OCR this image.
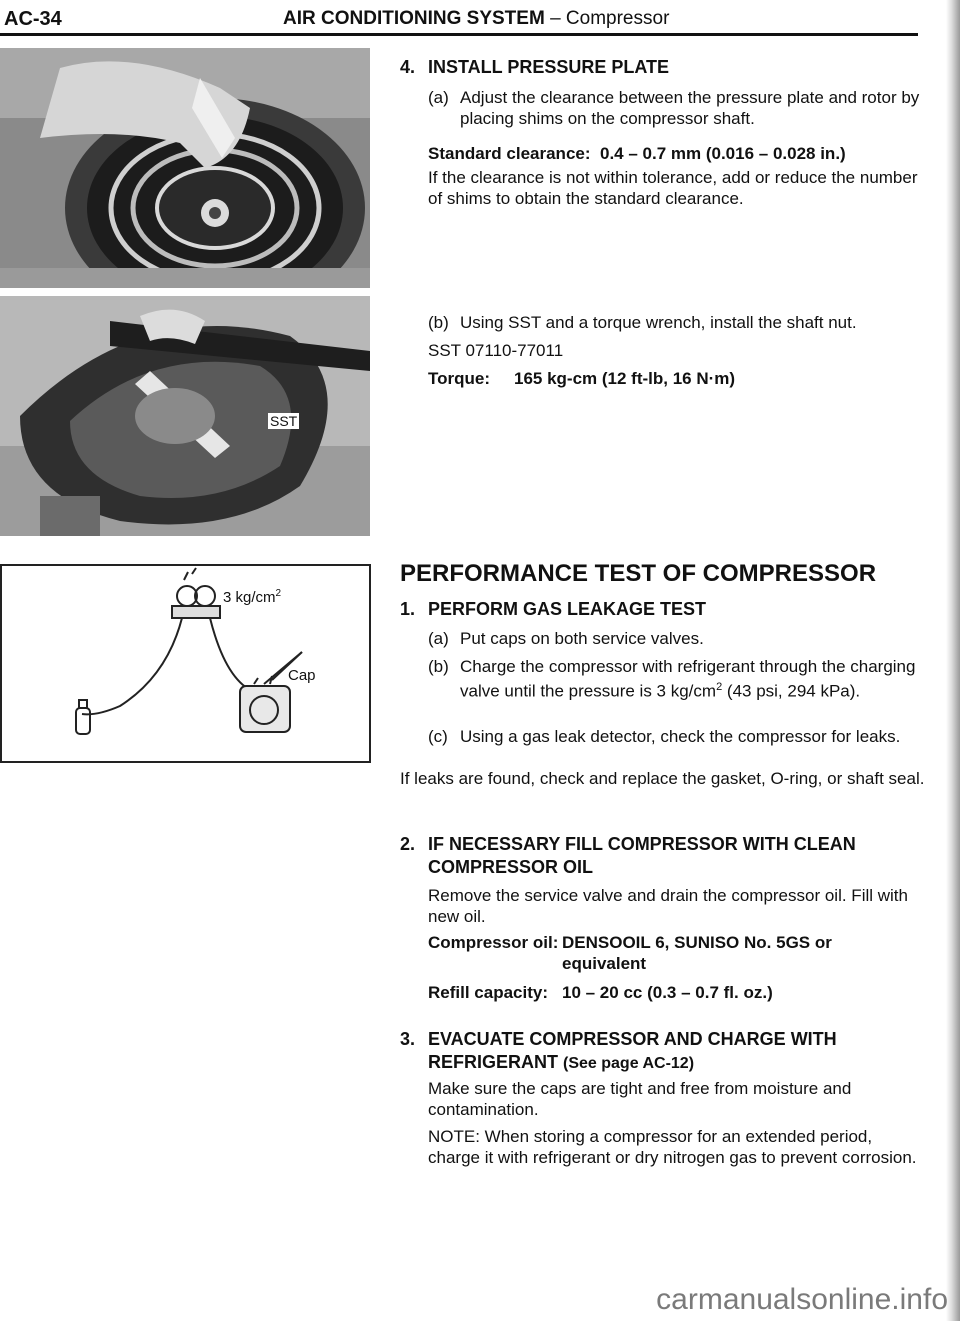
AC-34	AIR CONDITIONING SYSTEM – Compressor
SST
3 $kg/cm^2$
Cap
4. INSTALL PRESSURE PLATE
(a) Adjust the clearance between the pressure plate and rotor by placing shims on the compressor shaft.
Standard clearance: 0.4 – 0.7 mm (0.016 – 0.028 in.)
If the clearance is not within tolerance, add or reduce the number of shims to obtain the standard clearance.
(b) Using SST and a torque wrench, install the shaft nut.
SST 07110-77011
Torque: 165 kg-cm (12 ft-lb, 16 N·m)
PERFORMANCE TEST OF COMPRESSOR
1. PERFORM GAS LEAKAGE TEST
(a) Put caps on both service valves.
(b) Charge the compressor with refrigerant through the charging valve until the pressure is 3 $kg/cm^2$ (43 psi, 294 kPa).
(c) Using a gas leak detector, check the compressor for leaks.
If leaks are found, check and replace the gasket, O-ring, or shaft seal.
2. IF NECESSARY FILL COMPRESSOR WITH CLEAN COMPRESSOR OIL
Remove the service valve and drain the compressor oil. Fill with new oil.
Compressor oil: DENSOOIL 6, SUNISO No. 5GS or equivalent
Refill capacity: 10 – 20 cc (0.3 – 0.7 fl. oz.)
3. EVACUATE COMPRESSOR AND CHARGE WITH REFRIGERANT (See page AC-12)
Make sure the caps are tight and free from moisture and contamination.
NOTE: When storing a compressor for an extended period, charge it with refrigerant or dry nitrogen gas to prevent corrosion.
carmanualsonline.info
